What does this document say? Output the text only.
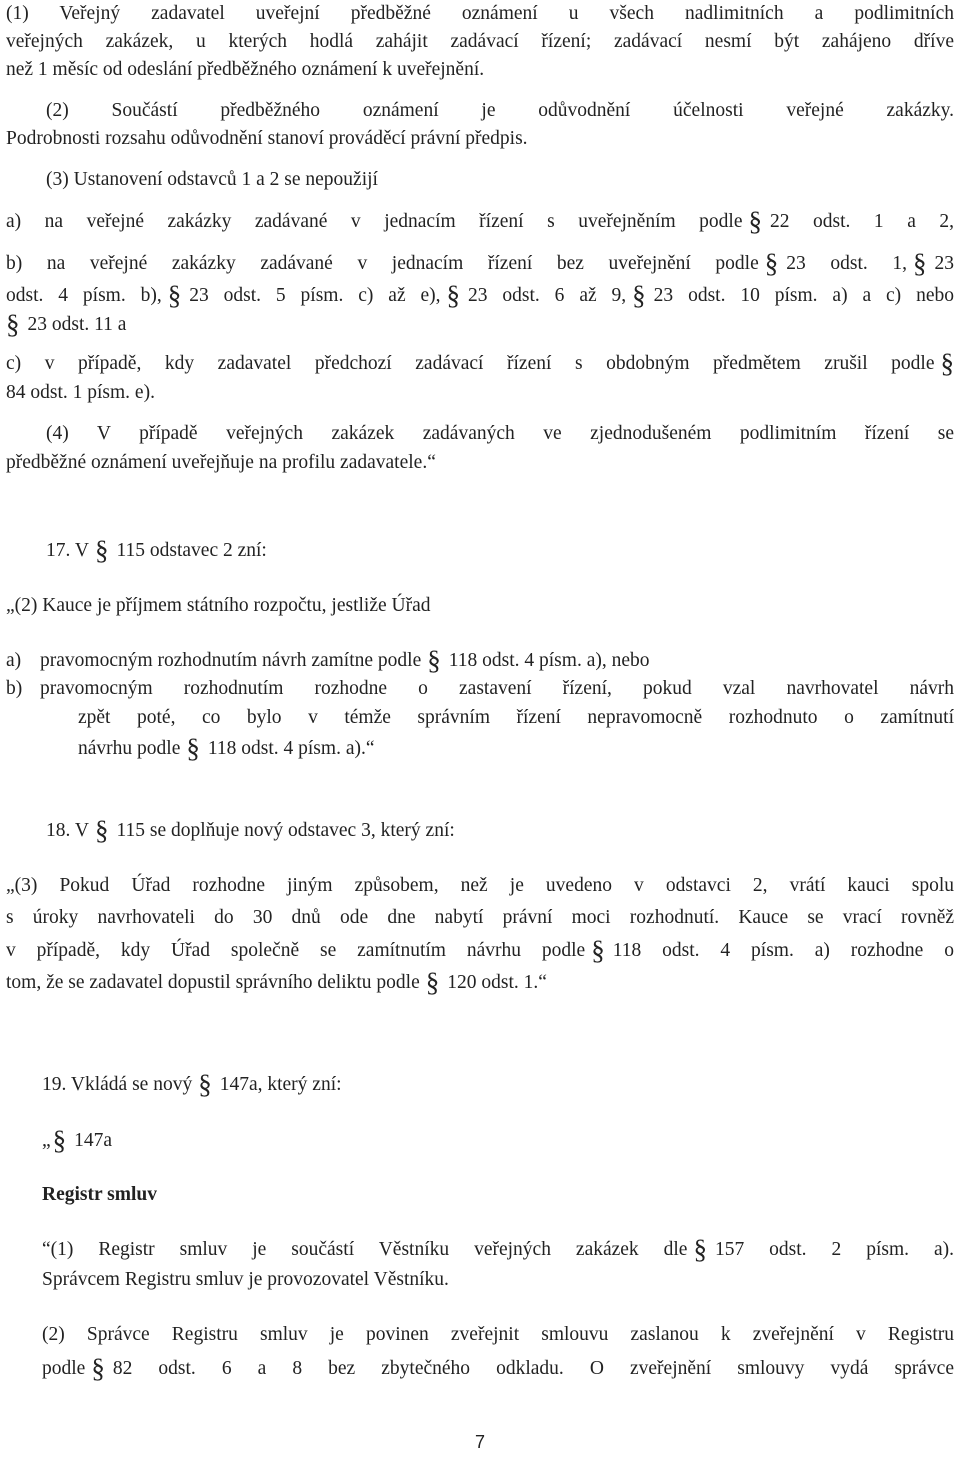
(1) Veřejný zadavatel uveřejní předběžné oznámení u všech nadlimitních a podlimitních
veřejných zakázek, u kterých hodlá zahájit zadávací řízení; zadávací nesmí být zahájeno dříve
než 1 měsíc od odeslání předběžného oznámení k uveřejnění.
(2) Součástí předběžného oznámení je odůvodnění účelnosti veřejné zakázky.
Podrobnosti rozsahu odůvodnění stanoví prováděcí právní předpis.
(3) Ustanovení odstavců 1 a 2 se nepoužijí
a) na veřejné zakázky zadávané v jednacím řízení s uveřejněním podle § 22 odst. 1 a 2,
b) na veřejné zakázky zadávané v jednacím řízení bez uveřejnění podle § 23 odst. 1, § 23
odst. 4 písm. b), § 23 odst. 5 písm. c) až e), § 23 odst. 6 až 9, § 23 odst. 10 písm. a) a c) nebo
§ 23 odst. 11 a
c) v případě, kdy zadavatel předchozí zadávací řízení s obdobným předmětem zrušil podle §
84 odst. 1 písm. e).
(4) V případě veřejných zakázek zadávaných ve zjednodušeném podlimitním řízení se
předběžné oznámení uveřejňuje na profilu zadavatele.“
17. V § 115 odstavec 2 zní:
„(2) Kauce je příjmem státního rozpočtu, jestliže Úřad
a) pravomocným rozhodnutím návrh zamítne podle § 118 odst. 4 písm. a), nebo
b) pravomocným rozhodnutím rozhodne o zastavení řízení, pokud vzal navrhovatel návrh
zpět poté, co bylo v témže správním řízení nepravomocně rozhodnuto o zamítnutí
návrhu podle § 118 odst. 4 písm. a).“
18. V § 115 se doplňuje nový odstavec 3, který zní:
„(3) Pokud Úřad rozhodne jiným způsobem, než je uvedeno v odstavci 2, vrátí kauci spolu
s úroky navrhovateli do 30 dnů ode dne nabytí právní moci rozhodnutí. Kauce se vrací rovněž
v případě, kdy Úřad společně se zamítnutím návrhu podle § 118 odst. 4 písm. a) rozhodne o
tom, že se zadavatel dopustil správního deliktu podle § 120 odst. 1.“
19. Vkládá se nový § 147a, který zní:
„§ 147a
Registr smluv
“(1) Registr smluv je součástí Věstníku veřejných zakázek dle § 157 odst. 2 písm. a).
Správcem Registru smluv je provozovatel Věstníku.
(2) Správce Registru smluv je povinen zveřejnit smlouvu zaslanou k zveřejnění v Registru
podle § 82 odst. 6 a 8 bez zbytečného odkladu. O zveřejnění smlouvy vydá správce
7
